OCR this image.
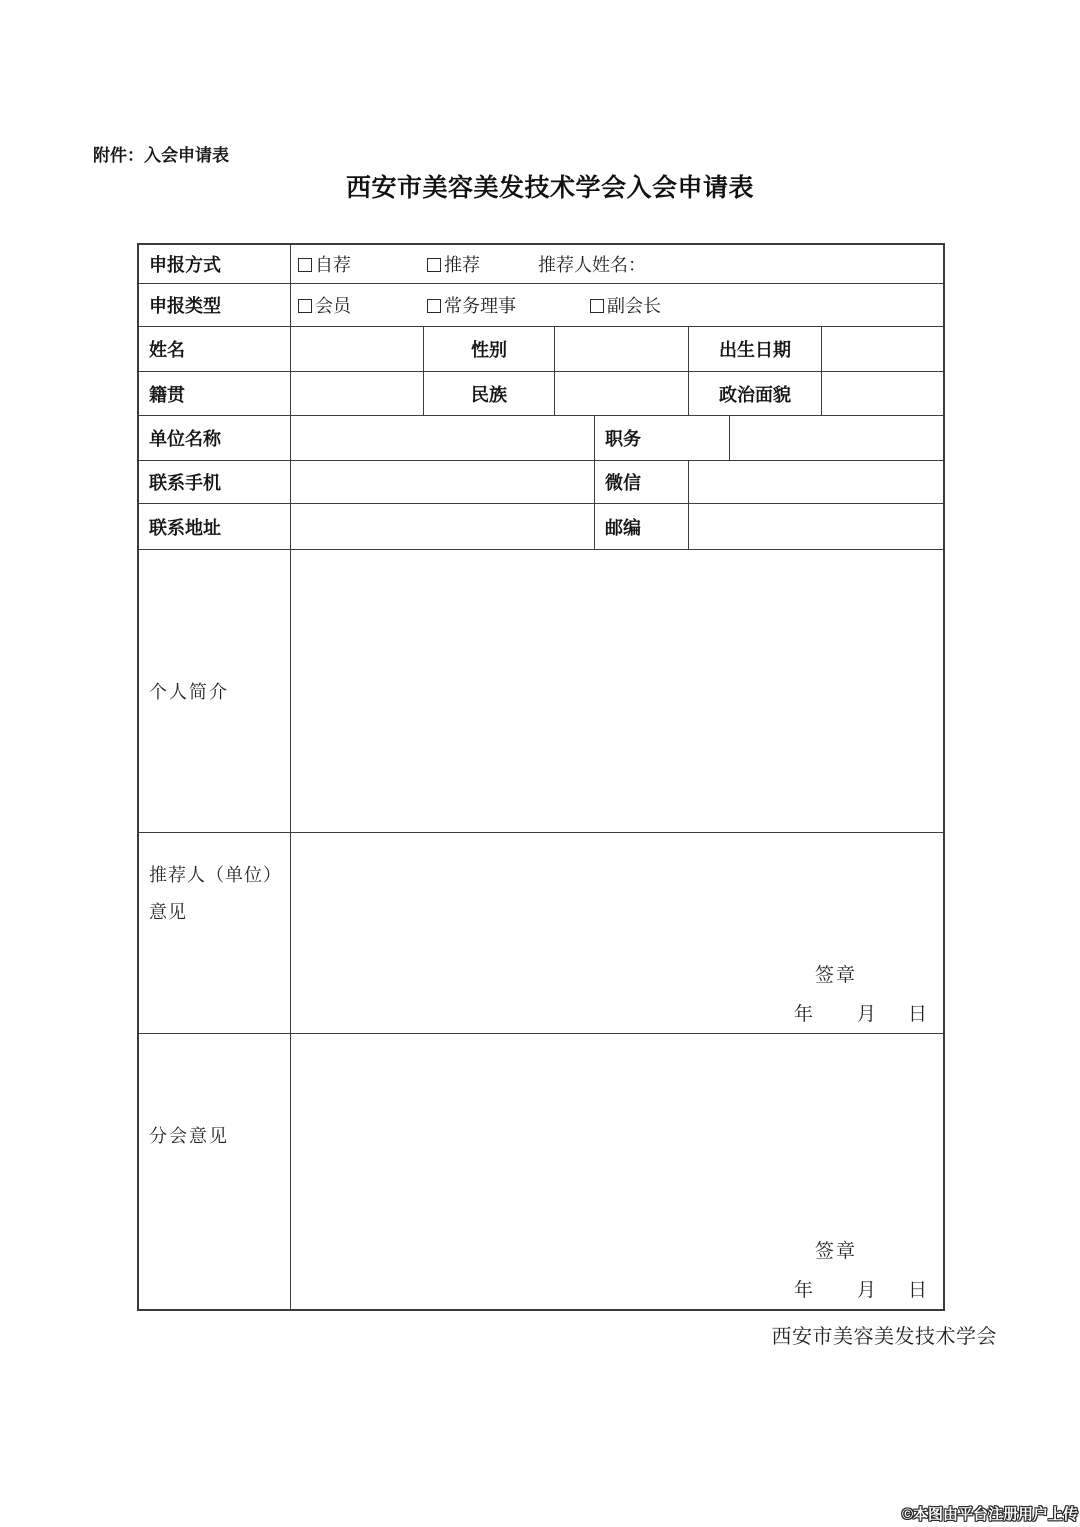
附件：入会申请表
西安市美容美发技术学会入会申请表
申报方式	自荐	推荐	推荐人姓名：
申报类型	会员	常务理事	副会长
姓名	性别	出生日期
籍贯	民族	政治面貌
单位名称	职务
联系手机	微信
联系地址	邮编
个人简介
推荐人（单位）
意见
签章
年 月 日
分会意见
签章
年 月 日
西安市美容美发技术学会
©本图由平台注册用户上传
